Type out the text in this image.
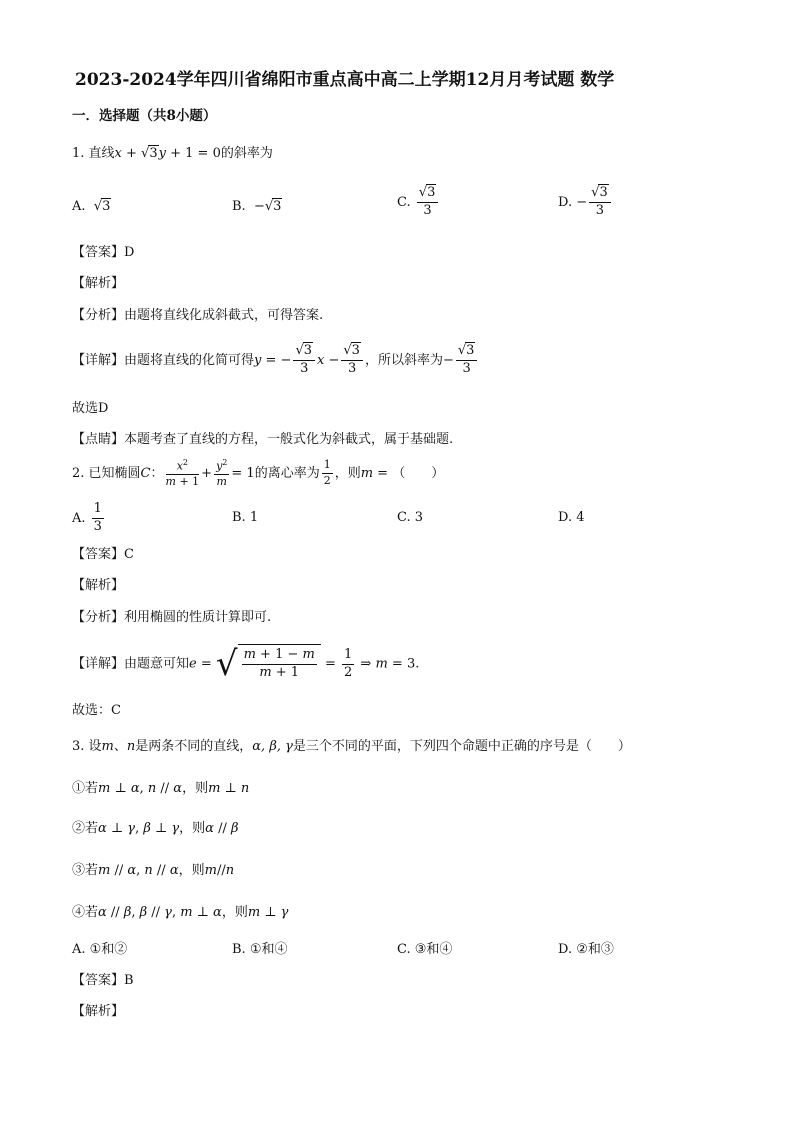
2023-2024学年四川省绵阳市重点高中高二上学期12月月考试题 数学
一．选择题（共8小题）
1. 直线x + √3y + 1 = 0的斜率为
A. √3	B. −√3	C. $\frac{√3}{3}$	D. − $\frac{√3}{3}$
【答案】D
【解析】
【分析】由题将直线化成斜截式，可得答案.
【详解】由题将直线的化简可得y = − $\frac{√3}{3}$ $x - \frac{√3}{3}$ ，所以斜率为− $\frac{√3}{3}$
故选D
【点睛】本题考查了直线的方程，一般式化为斜截式，属于基础题.
2. 已知椭圆C： $\frac{x^2}{m + 1} + \frac{y^2}{m} = 1$的离心率为 $\frac{1}{2}$ ，则m = （　　）
A. $\frac{1}{3}$	B. 1	C. 3	D. 4
【答案】C
【解析】
【分析】利用椭圆的性质计算即可.
【详解】由题意可知e = √ $\frac{m + 1 - m}{m + 1} = \frac{1}{2}$ ⇒ m = 3.
故选：C
3. 设m、n是两条不同的直线，α, β, γ是三个不同的平面，下列四个命题中正确的序号是（　　）
①若m ⊥ α, n // α，则m ⊥ n
②若α ⊥ γ, β ⊥ γ，则α // β
③若m // α, n // α，则m//n
④若α // β, β // γ, m ⊥ α，则m ⊥ γ
A. ①和②	B. ①和④	C. ③和④	D. ②和③
【答案】B
【解析】
